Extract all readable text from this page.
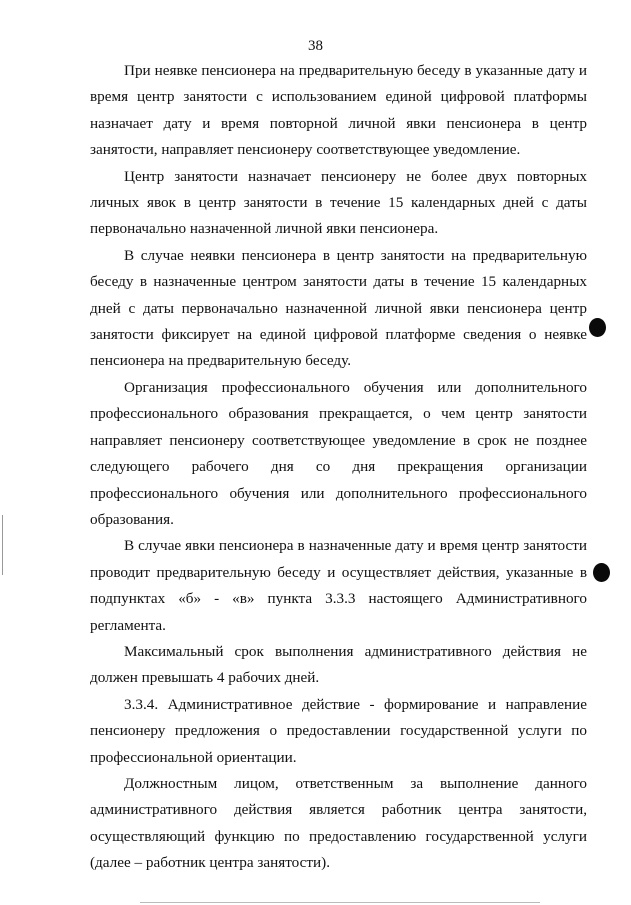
38

При неявке пенсионера на предварительную беседу в указанные дату и время центр занятости с использованием единой цифровой платформы назначает дату и время повторной личной явки пенсионера в центр занятости, направляет пенсионеру соответствующее уведомление.

Центр занятости назначает пенсионеру не более двух повторных личных явок в центр занятости в течение 15 календарных дней с даты первоначально назначенной личной явки пенсионера.

В случае неявки пенсионера в центр занятости на предварительную беседу в назначенные центром занятости даты в течение 15 календарных дней с даты первоначально назначенной личной явки пенсионера центр занятости фиксирует на единой цифровой платформе сведения о неявке пенсионера на предварительную беседу.

Организация профессионального обучения или дополнительного профессионального образования прекращается, о чем центр занятости направляет пенсионеру соответствующее уведомление в срок не позднее следующего рабочего дня со дня прекращения организации профессионального обучения или дополнительного профессионального образования.

В случае явки пенсионера в назначенные дату и время центр занятости проводит предварительную беседу и осуществляет действия, указанные в подпунктах «б» - «в» пункта 3.3.3 настоящего Административного регламента.

Максимальный срок выполнения административного действия не должен превышать 4 рабочих дней.

3.3.4. Административное действие - формирование и направление пенсионеру предложения о предоставлении государственной услуги по профессиональной ориентации.

Должностным лицом, ответственным за выполнение данного административного действия является работник центра занятости, осуществляющий функцию по предоставлению государственной услуги (далее – работник центра занятости).
